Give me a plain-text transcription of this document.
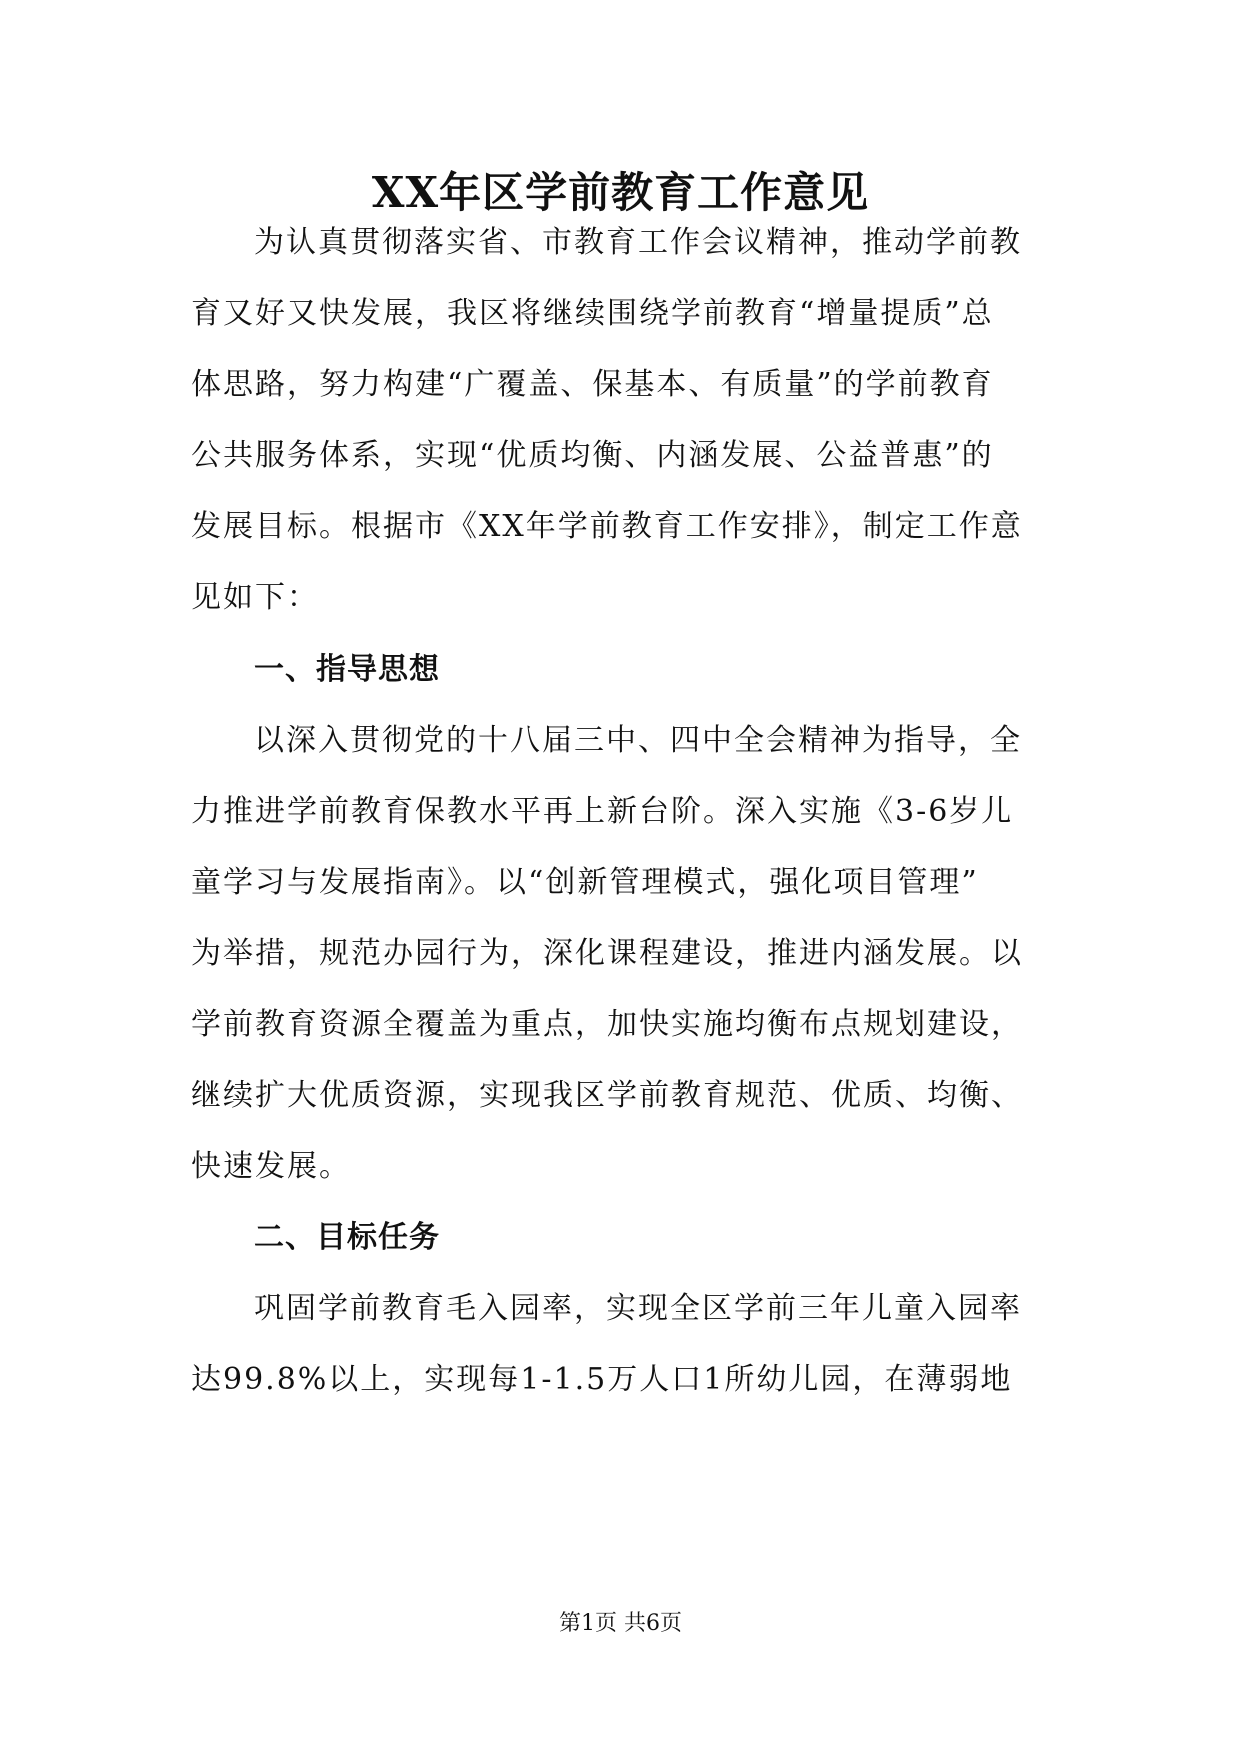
XX年区学前教育工作意见
为认真贯彻落实省、市教育工作会议精神，推动学前教
育又好又快发展，我区将继续围绕学前教育“增量提质”总
体思路，努力构建“广覆盖、保基本、有质量”的学前教育
公共服务体系，实现“优质均衡、内涵发展、公益普惠”的
发展目标。根据市《XX年学前教育工作安排》，制定工作意
见如下：
一、指导思想
以深入贯彻党的十八届三中、四中全会精神为指导，全
力推进学前教育保教水平再上新台阶。深入实施《3-6岁儿
童学习与发展指南》。以“创新管理模式，强化项目管理”
为举措，规范办园行为，深化课程建设，推进内涵发展。以
学前教育资源全覆盖为重点，加快实施均衡布点规划建设，
继续扩大优质资源，实现我区学前教育规范、优质、均衡、
快速发展。
二、目标任务
巩固学前教育毛入园率，实现全区学前三年儿童入园率
达99.8%以上，实现每1-1.5万人口1所幼儿园，在薄弱地
第1页 共6页
